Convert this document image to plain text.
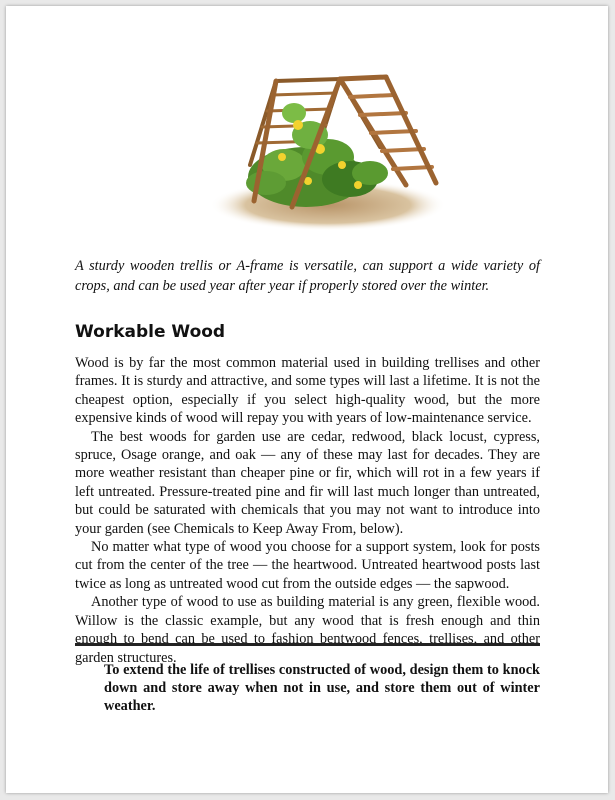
A sturdy wooden trellis or A-frame is versatile, can support a wide variety of crops, and can be used year after year if properly stored over the winter.
Workable Wood

Wood is by far the most common material used in building trellises and other frames. It is sturdy and attractive, and some types will last a lifetime. It is not the cheapest option, especially if you select high-quality wood, but the more expensive kinds of wood will repay you with years of low-maintenance service.

The best woods for garden use are cedar, redwood, black locust, cypress, spruce, Osage orange, and oak — any of these may last for decades. They are more weather resistant than cheaper pine or fir, which will rot in a few years if left untreated. Pressure-treated pine and fir will last much longer than untreated, but could be saturated with chemicals that you may not want to introduce into your garden (see Chemicals to Keep Away From, below).

No matter what type of wood you choose for a support system, look for posts cut from the center of the tree — the heartwood. Untreated heartwood posts last twice as long as untreated wood cut from the outside edges — the sapwood.

Another type of wood to use as building material is any green, flexible wood. Willow is the classic example, but any wood that is fresh enough and thin enough to bend can be used to fashion bentwood fences, trellises, and other garden structures.

To extend the life of trellises constructed of wood, design them to knock down and store away when not in use, and store them out of winter weather.
